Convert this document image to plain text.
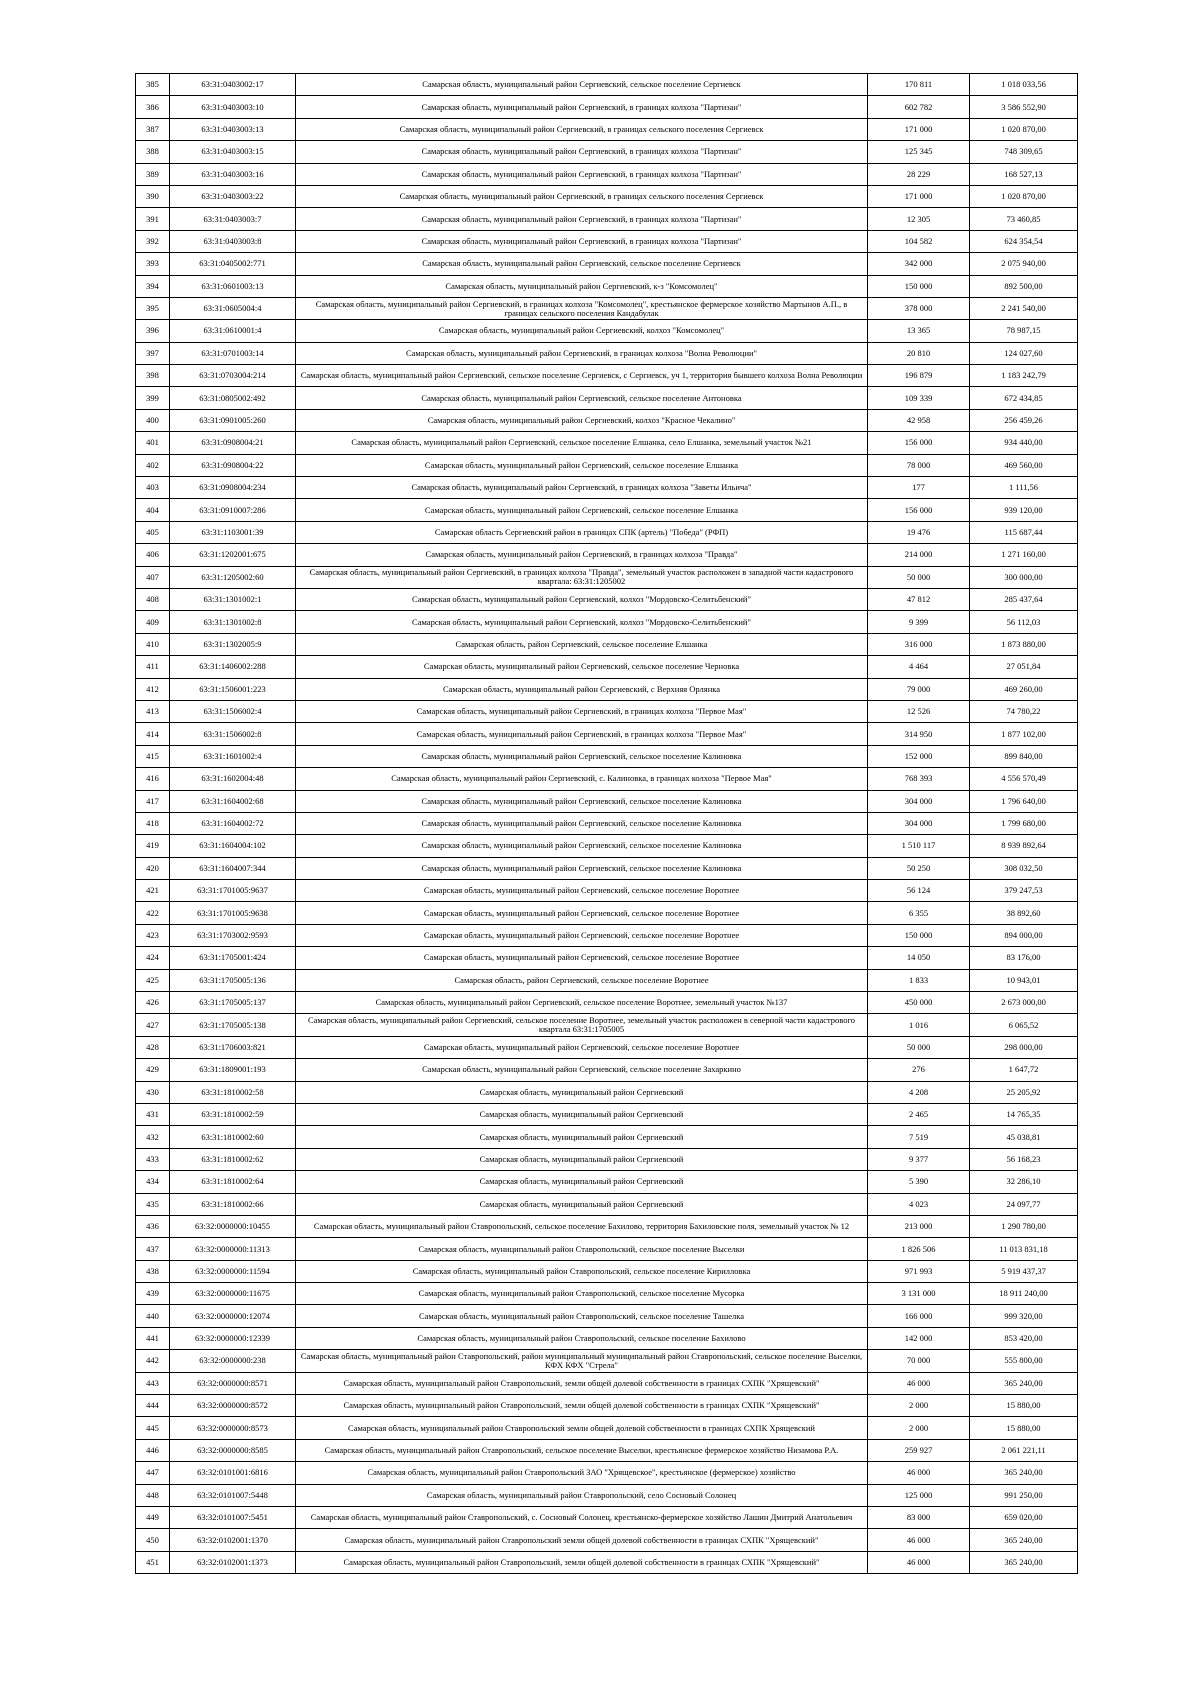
385	63:31:0403002:17	Самарская область, муниципальный район Сергиевский, сельское поселение Сергиевск	170 811	1 018 033,56
386	63:31:0403003:10	Самарская область, муниципальный район Сергиевский, в границах колхоза "Партизан"	602 782	3 586 552,90
387	63:31:0403003:13	Самарская область, муниципальный район Сергиевский, в границах сельского поселения Сергиевск	171 000	1 020 870,00
388	63:31:0403003:15	Самарская область, муниципальный район Сергиевский, в границах колхоза "Партизан"	125 345	748 309,65
389	63:31:0403003:16	Самарская область, муниципальный район Сергиевский, в границах колхоза "Партизан"	28 229	168 527,13
390	63:31:0403003:22	Самарская область, муниципальный район Сергиевский, в границах сельского поселения Сергиевск	171 000	1 020 870,00
391	63:31:0403003:7	Самарская область, муниципальный район Сергиевский, в границах колхоза "Партизан"	12 305	73 460,85
392	63:31:0403003:8	Самарская область, муниципальный район Сергиевский, в границах колхоза "Партизан"	104 582	624 354,54
393	63:31:0405002:771	Самарская область, муниципальный район Сергиевский, сельское поселение Сергиевск	342 000	2 075 940,00
394	63:31:0601003:13	Самарская область, муниципальный район Сергиевский, к-з "Комсомолец"	150 000	892 500,00
395	63:31:0605004:4	Самарская область, муниципальный район Сергиевский, в границах колхоза "Комсомолец", крестьянское фермерское хозяйство Мартынов А.П., в границах сельского поселения Кандабулак	378 000	2 241 540,00
396	63:31:0610001:4	Самарская область, муниципальный район Сергиевский, колхоз "Комсомолец"	13 365	78 987,15
397	63:31:0701003:14	Самарская область, муниципальный район Сергиевский, в границах колхоза "Волна Революции"	20 810	124 027,60
398	63:31:0703004:214	Самарская область, муниципальный район Сергиевский, сельское поселение Сергиевск, с Сергиевск, уч 1, территория бывшего колхоза Волна Революции	196 879	1 183 242,79
399	63:31:0805002:492	Самарская область, муниципальный район Сергиевский, сельское поселение Антоновка	109 339	672 434,85
400	63:31:0901005:260	Самарская область, муниципальный район Сергиевский, колхоз "Красное Чекалино"	42 958	256 459,26
401	63:31:0908004:21	Самарская область, муниципальный район Сергиевский, сельское поселение Елшанка, село Елшанка, земельный участок №21	156 000	934 440,00
402	63:31:0908004:22	Самарская область, муниципальный район Сергиевский, сельское поселение Елшанка	78 000	469 560,00
403	63:31:0908004:234	Самарская область, муниципальный район Сергиевский, в границах колхоза "Заветы Ильича"	177	1 111,56
404	63:31:0910007:286	Самарская область, муниципальный район Сергиевский, сельское поселение Елшанка	156 000	939 120,00
405	63:31:1103001:39	Самарская область Сергиевский район в границах СПК (артель) "Победа" (РФП)	19 476	115 687,44
406	63:31:1202001:675	Самарская область, муниципальный район Сергиевский, в границах колхоза "Правда"	214 000	1 271 160,00
407	63:31:1205002:60	Самарская область, муниципальный район Сергиевский, в границах колхоза "Правда", земельный участок расположен в западной части кадастрового квартала: 63:31:1205002	50 000	300 000,00
408	63:31:1301002:1	Самарская область, муниципальный район Сергиевский, колхоз "Мордовско-Селитьбенский"	47 812	285 437,64
409	63:31:1301002:8	Самарская область, муниципальный район Сергиевский, колхоз "Мордовско-Селитьбенский"	9 399	56 112,03
410	63:31:1302005:9	Самарская область, район Сергиевский, сельское поселение Елшанка	316 000	1 873 880,00
411	63:31:1406002:288	Самарская область, муниципальный район Сергиевский, сельское поселение Черновка	4 464	27 051,84
412	63:31:1506001:223	Самарская область, муниципальный район Сергиевский, с Верхняя Орлянка	79 000	469 260,00
413	63:31:1506002:4	Самарская область, муниципальный район Сергиевский, в границах колхоза "Первое Мая"	12 526	74 780,22
414	63:31:1506002:8	Самарская область, муниципальный район Сергиевский, в границах колхоза "Первое Мая"	314 950	1 877 102,00
415	63:31:1601002:4	Самарская область, муниципальный район Сергиевский, сельское поселение Калиновка	152 000	899 840,00
416	63:31:1602004:48	Самарская область, муниципальный район Сергиевский, с. Калиновка, в границах колхоза "Первое Мая"	768 393	4 556 570,49
417	63:31:1604002:68	Самарская область, муниципальный район Сергиевский, сельское поселение Калиновка	304 000	1 796 640,00
418	63:31:1604002:72	Самарская область, муниципальный район Сергиевский, сельское поселение Калиновка	304 000	1 799 680,00
419	63:31:1604004:102	Самарская область, муниципальный район Сергиевский, сельское поселение Калиновка	1 510 117	8 939 892,64
420	63:31:1604007:344	Самарская область, муниципальный район Сергиевский, сельское поселение Калиновка	50 250	308 032,50
421	63:31:1701005:9637	Самарская область, муниципальный район Сергиевский, сельское поселение Воротнее	56 124	379 247,53
422	63:31:1701005:9638	Самарская область, муниципальный район Сергиевский, сельское поселение Воротнее	6 355	38 892,60
423	63:31:1703002:9593	Самарская область, муниципальный район Сергиевский, сельское поселение Воротнее	150 000	894 000,00
424	63:31:1705001:424	Самарская область, муниципальный район Сергиевский, сельское поселение Воротнее	14 050	83 176,00
425	63:31:1705005:136	Самарская область, район Сергиевский, сельское поселение Воротнее	1 833	10 943,01
426	63:31:1705005:137	Самарская область, муниципальный район Сергиевский, сельское поселение Воротнее, земельный участок №137	450 000	2 673 000,00
427	63:31:1705005:138	Самарская область, муниципальный район Сергиевский, сельское поселение Воротнее, земельный участок расположен в северной части кадастрового квартала 63:31:1705005	1 016	6 065,52
428	63:31:1706003:821	Самарская область, муниципальный район Сергиевский, сельское поселение Воротнее	50 000	298 000,00
429	63:31:1809001:193	Самарская область, муниципальный район Сергиевский, сельское поселение Захаркино	276	1 647,72
430	63:31:1810002:58	Самарская область, муниципальный район Сергиевский	4 208	25 205,92
431	63:31:1810002:59	Самарская область, муниципальный район Сергиевский	2 465	14 765,35
432	63:31:1810002:60	Самарская область, муниципальный район Сергиевский	7 519	45 038,81
433	63:31:1810002:62	Самарская область, муниципальный район Сергиевский	9 377	56 168,23
434	63:31:1810002:64	Самарская область, муниципальный район Сергиевский	5 390	32 286,10
435	63:31:1810002:66	Самарская область, муниципальный район Сергиевский	4 023	24 097,77
436	63:32:0000000:10455	Самарская область, муниципальный район Ставропольский, сельское поселение Бахилово, территория Бахиловские поля, земельный участок № 12	213 000	1 290 780,00
437	63:32:0000000:11313	Самарская область, муниципальный район Ставропольский, сельское поселение Выселки	1 826 506	11 013 831,18
438	63:32:0000000:11594	Самарская область, муниципальный район Ставропольский, сельское поселение Кирилловка	971 993	5 919 437,37
439	63:32:0000000:11675	Самарская область, муниципальный район Ставропольский, сельское поселение Мусорка	3 131 000	18 911 240,00
440	63:32:0000000:12074	Самарская область, муниципальный район Ставропольский, сельское поселение Ташелка	166 000	999 320,00
441	63:32:0000000:12339	Самарская область, муниципальный район Ставропольский, сельское поселение Бахилово	142 000	853 420,00
442	63:32:0000000:238	Самарская область, муниципальный район Ставропольский, район муниципальный муниципальный район Ставропольский, сельское поселение Выселки, КФХ КФХ "Стрела"	70 000	555 800,00
443	63:32:0000000:8571	Самарская область, муниципальный район Ставропольский, земли общей долевой собственности в границах СХПК "Хрящевский"	46 000	365 240,00
444	63:32:0000000:8572	Самарская область, муниципальный район Ставропольский, земли общей долевой собственности в границах СХПК "Хрящевский"	2 000	15 880,00
445	63:32:0000000:8573	Самарская область, муниципальный район Ставропольский земли общей долевой собственности в границах СХПК Хрящевский	2 000	15 880,00
446	63:32:0000000:8585	Самарская область, муниципальный район Ставропольский, сельское поселение Выселки, крестьянское фермерское хозяйство Низамова Р.А.	259 927	2 061 221,11
447	63:32:0101001:6816	Самарская область, муниципальный район Ставропольский ЗАО "Хрящевское", крестьянское (фермерское) хозяйство	46 000	365 240,00
448	63:32:0101007:5448	Самарская область, муниципальный район Ставропольский, село Сосновый Солонец	125 000	991 250,00
449	63:32:0101007:5451	Самарская область, муниципальный район Ставропольский, с. Сосновый Солонец, крестьянско-фермерское хозяйство Лашин Дмитрий Анатольевич	83 000	659 020,00
450	63:32:0102001:1370	Самарская область, муниципальный район Ставропольский земли общей долевой собственности в границах СХПК "Хрящевский"	46 000	365 240,00
451	63:32:0102001:1373	Самарская область, муниципальный район Ставропольский, земли общей долевой собственности в границах СХПК "Хрящевский"	46 000	365 240,00
